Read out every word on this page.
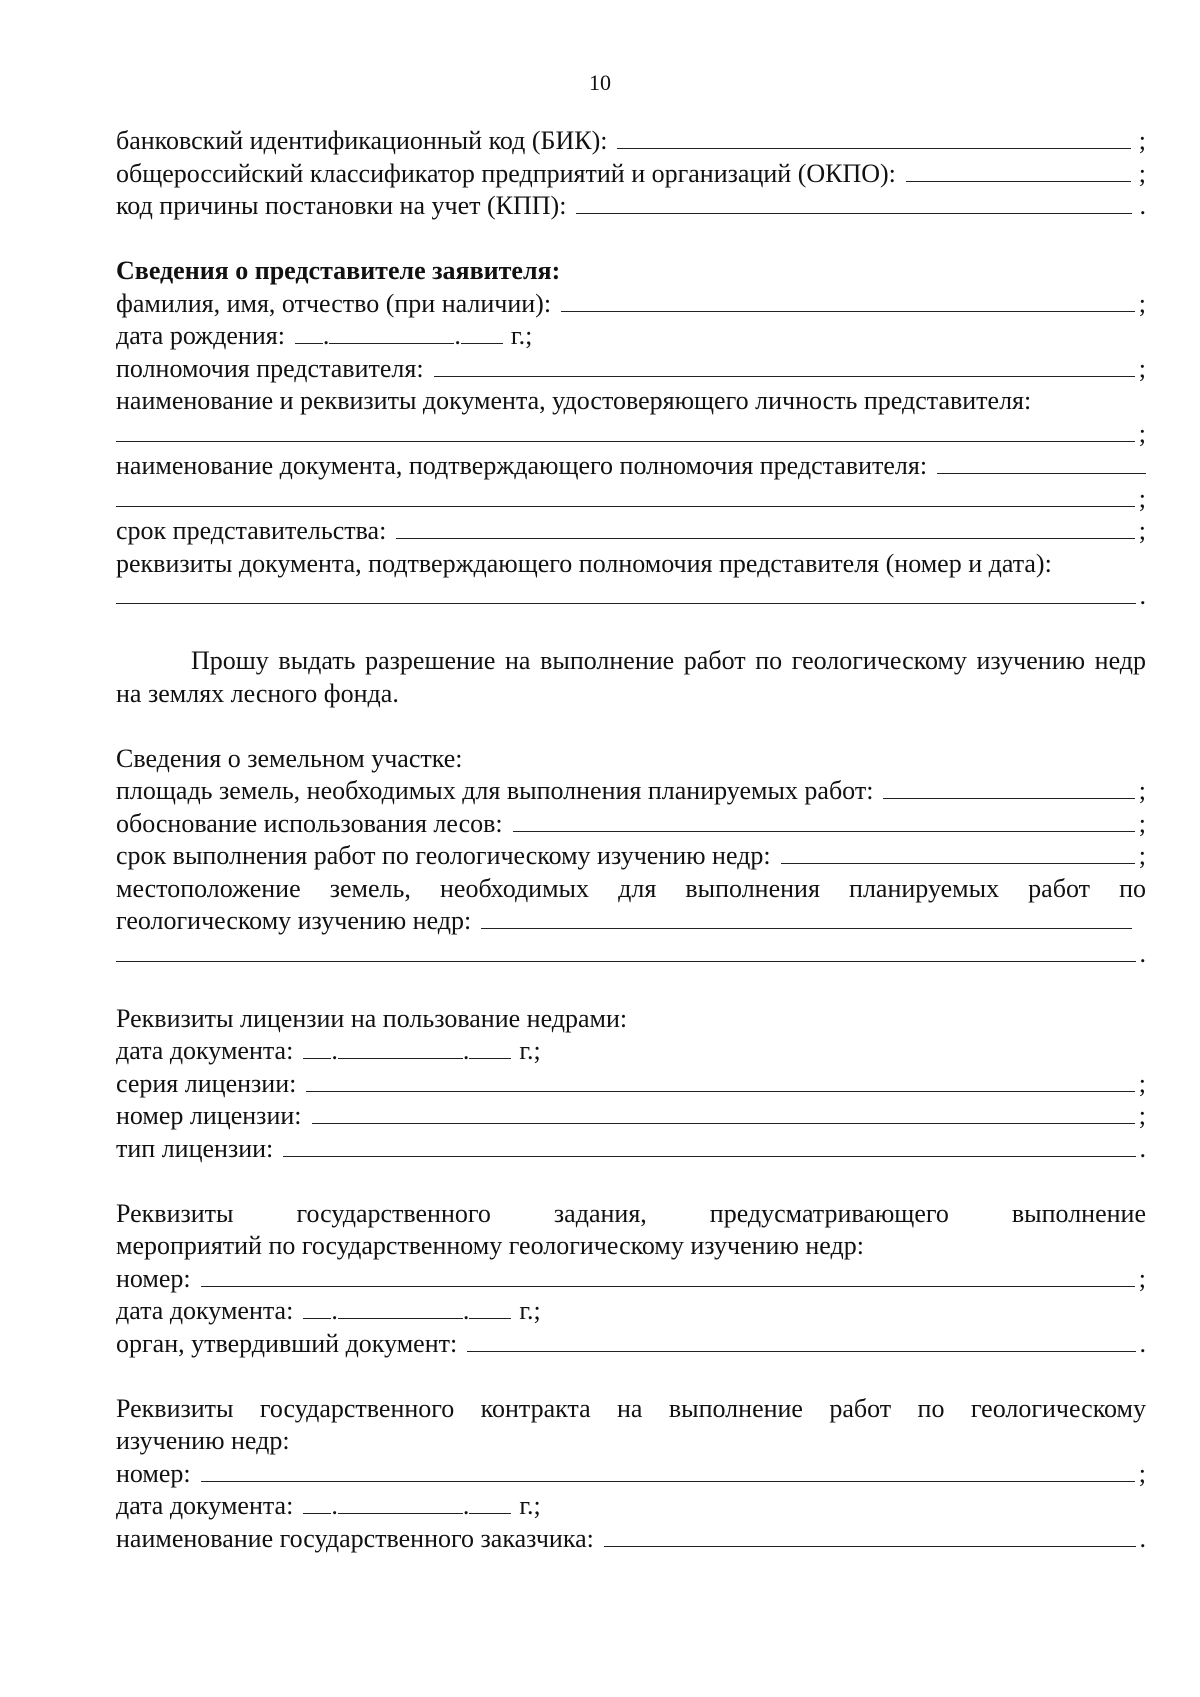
10
банковский идентификационный код (БИК):	;
общероссийский классификатор предприятий и организаций (ОКПО):	;
код причины постановки на учет (КПП):	.
Сведения о представителе заявителя:
фамилия, имя, отчество (при наличии):	;
дата рождения: .	. г.;
полномочия представителя:	;
наименование и реквизиты документа, удостоверяющего личность представителя:
;
наименование документа, подтверждающего полномочия представителя:
;
срок представительства:	;
реквизиты документа, подтверждающего полномочия представителя (номер и дата):
.
Прошу выдать разрешение на выполнение работ по геологическому изучению недр на землях лесного фонда.
Сведения о земельном участке:
площадь земель, необходимых для выполнения планируемых работ:	;
обоснование использования лесов:	;
срок выполнения работ по геологическому изучению недр:	;
местоположение земель, необходимых для выполнения планируемых работ по
геологическому изучению недр:
.
Реквизиты лицензии на пользование недрами:
дата документа: .	. г.;
серия лицензии:	;
номер лицензии:	;
тип лицензии:	.
Реквизиты государственного задания, предусматривающего выполнение
мероприятий по государственному геологическому изучению недр:
номер:	;
дата документа: .	. г.;
орган, утвердивший документ:	.
Реквизиты государственного контракта на выполнение работ по геологическому
изучению недр:
номер:	;
дата документа: .	. г.;
наименование государственного заказчика:	.
